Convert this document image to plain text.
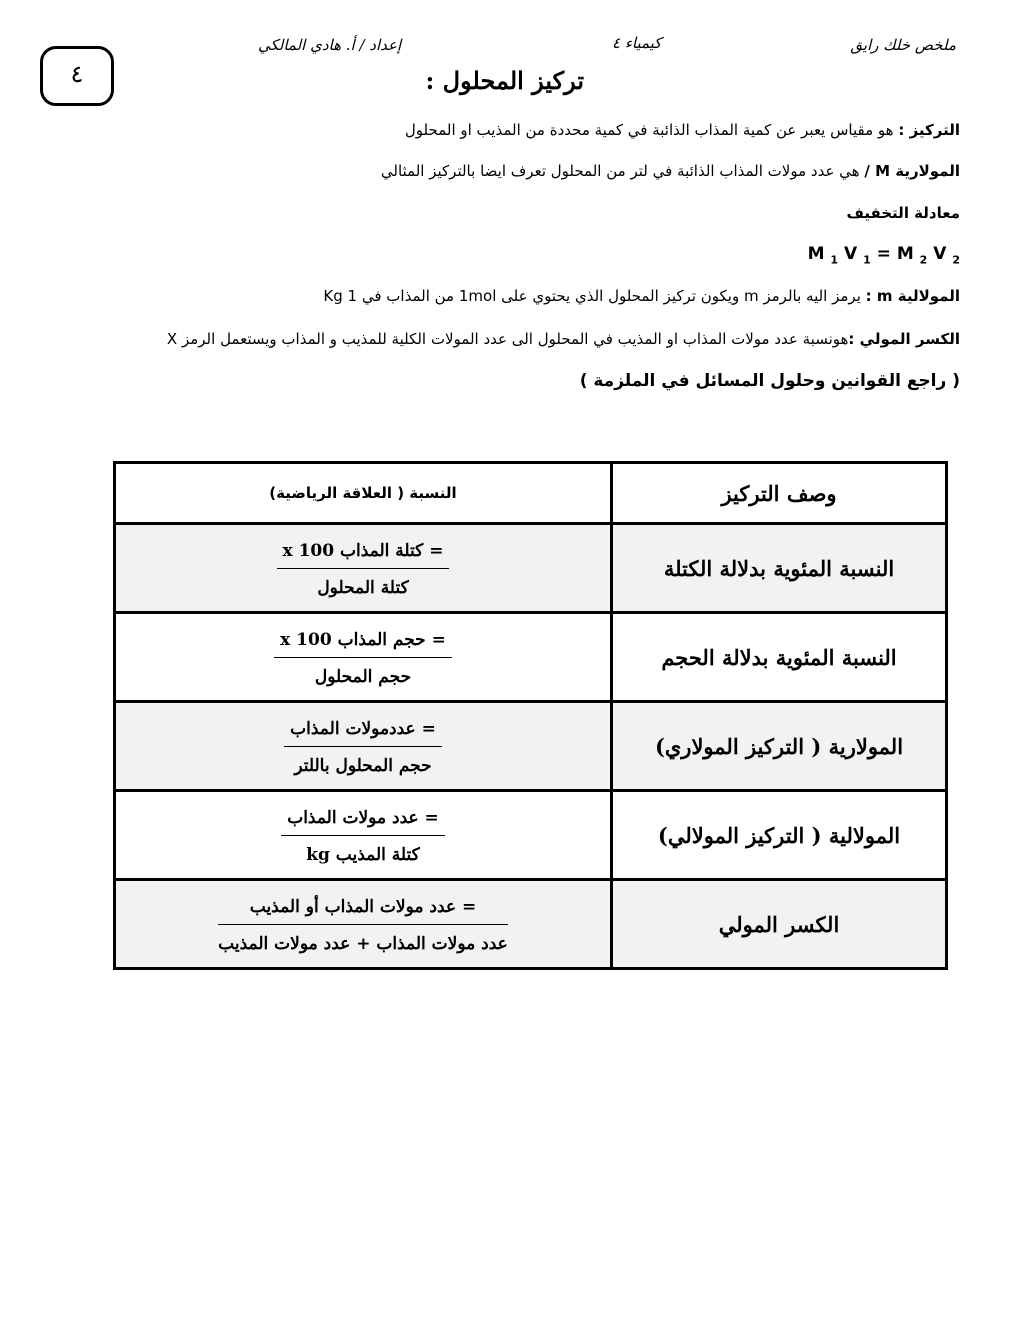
ملخص خلك رايق
كيمياء ٤
إعداد / أ. هادي المالكي
٤	تركيز المحلول :
التركيز : هو مقياس يعبر عن كمية المذاب الذائبة في كمية محددة من المذيب او المحلول
المولارية M / هي عدد مولات المذاب الذائبة في لتر من المحلول تعرف ايضا بالتركيز المثالي
معادلة التخفيف
M $_1$ V $_1$ = M $_2$ V $_2$
المولالية m : يرمز اليه بالرمز m ويكون تركيز المحلول الذي يحتوي على 1mol من المذاب في 1 Kg
الكسر المولي :هونسبة عدد مولات المذاب او المذيب في المحلول الى عدد المولات الكلية للمذيب و المذاب ويستعمل الرمز X
( راجع القوانين وحلول المسائل في الملزمة )
وصف التركيز	النسبة ( العلاقة الرياضية)
النسبة المئوية بدلالة الكتلة	$\frac{\text{= كتلة المذاب x 100}}{\text{كتلة المحلول}}$

النسبة المئوية بدلالة الحجم	$\frac{\text{= حجم المذاب x 100}}{\text{حجم المحلول}}$

المولارية ( التركيز المولاري)	$\frac{\text{= عددمولات المذاب}}{\text{حجم المحلول باللتر}}$

المولالية ( التركيز المولالي)	$\frac{\text{= عدد مولات المذاب}}{\text{كتلة المذيب kg}}$

الكسر المولي	$\frac{\text{= عدد مولات المذاب أو المذيب}}{\text{عدد مولات المذاب + عدد مولات المذيب}}$
